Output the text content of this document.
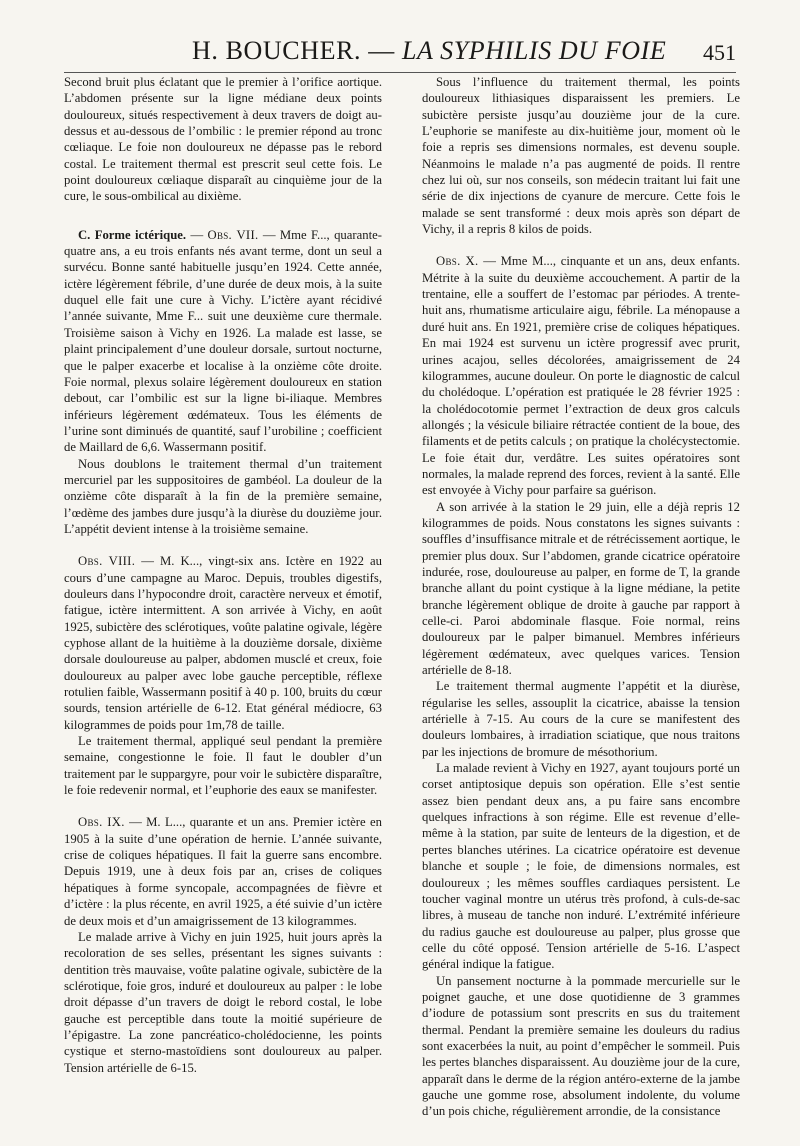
H. BOUCHER. — LA SYPHILIS DU FOIE 451

Second bruit plus éclatant que le premier à l’orifice aortique. L’abdomen présente sur la ligne médiane deux points douloureux, situés respectivement à deux travers de doigt au-dessus et au-dessous de l’ombilic : le premier répond au tronc cœliaque. Le foie non douloureux ne dépasse pas le rebord costal. Le traitement thermal est prescrit seul cette fois. Le point douloureux cœliaque disparaît au cinquième jour de la cure, le sous-ombilical au dixième.

C. Forme ictérique. — Obs. VII. — Mme F..., quarante-quatre ans, a eu trois enfants nés avant terme, dont un seul a survécu. Bonne santé habituelle jusqu’en 1924. Cette année, ictère légèrement fébrile, d’une durée de deux mois, à la suite duquel elle fait une cure à Vichy. L’ictère ayant récidivé l’année suivante, Mme F... suit une deuxième cure thermale. Troisième saison à Vichy en 1926. La malade est lasse, se plaint principalement d’une douleur dorsale, surtout nocturne, que le palper exacerbe et localise à la onzième côte droite. Foie normal, plexus solaire légèrement douloureux en station debout, car l’ombilic est sur la ligne bi-iliaque. Membres inférieurs légèrement œdémateux. Tous les éléments de l’urine sont diminués de quantité, sauf l’urobiline ; coefficient de Maillard de 6,6. Wassermann positif.

Nous doublons le traitement thermal d’un traitement mercuriel par les suppositoires de gambéol. La douleur de la onzième côte disparaît à la fin de la première semaine, l’œdème des jambes dure jusqu’à la diurèse du douzième jour. L’appétit devient intense à la troisième semaine.

Obs. VIII. — M. K..., vingt-six ans. Ictère en 1922 au cours d’une campagne au Maroc. Depuis, troubles digestifs, douleurs dans l’hypocondre droit, caractère nerveux et émotif, fatigue, ictère intermittent. A son arrivée à Vichy, en août 1925, subictère des sclérotiques, voûte palatine ogivale, légère cyphose allant de la huitième à la douzième dorsale, dixième dorsale douloureuse au palper, abdomen musclé et creux, foie douloureux au palper avec lobe gauche perceptible, réflexe rotulien faible, Wassermann positif à 40 p. 100, bruits du cœur sourds, tension artérielle de 6-12. Etat général médiocre, 63 kilogrammes de poids pour 1m,78 de taille.

Le traitement thermal, appliqué seul pendant la première semaine, congestionne le foie. Il faut le doubler d’un traitement par le suppargyre, pour voir le subictère disparaître, le foie redevenir normal, et l’euphorie des eaux se manifester.

Obs. IX. — M. L..., quarante et un ans. Premier ictère en 1905 à la suite d’une opération de hernie. L’année suivante, crise de coliques hépatiques. Il fait la guerre sans encombre. Depuis 1919, une à deux fois par an, crises de coliques hépatiques à forme syncopale, accompagnées de fièvre et d’ictère : la plus récente, en avril 1925, a été suivie d’un ictère de deux mois et d’un amaigrissement de 13 kilogrammes.

Le malade arrive à Vichy en juin 1925, huit jours après la recoloration de ses selles, présentant les signes suivants : dentition très mauvaise, voûte palatine ogivale, subictère de la sclérotique, foie gros, induré et douloureux au palper : le lobe droit dépasse d’un travers de doigt le rebord costal, le lobe gauche est perceptible dans toute la moitié supérieure de l’épigastre. La zone pancréatico-cholédocienne, les points cystique et sterno-mastoïdiens sont douloureux au palper. Tension artérielle de 6-15.

Sous l’influence du traitement thermal, les points douloureux lithiasiques disparaissent les premiers. Le subictère persiste jusqu’au douzième jour de la cure. L’euphorie se manifeste au dix-huitième jour, moment où le foie a repris ses dimensions normales, est devenu souple. Néanmoins le malade n’a pas augmenté de poids. Il rentre chez lui où, sur nos conseils, son médecin traitant lui fait une série de dix injections de cyanure de mercure. Cette fois le malade se sent transformé : deux mois après son départ de Vichy, il a repris 8 kilos de poids.

Obs. X. — Mme M..., cinquante et un ans, deux enfants. Métrite à la suite du deuxième accouchement. A partir de la trentaine, elle a souffert de l’estomac par périodes. A trente-huit ans, rhumatisme articulaire aigu, fébrile. La ménopause a duré huit ans. En 1921, première crise de coliques hépatiques. En mai 1924 est survenu un ictère progressif avec prurit, urines acajou, selles décolorées, amaigrissement de 24 kilogrammes, aucune douleur. On porte le diagnostic de calcul du cholédoque. L’opération est pratiquée le 28 février 1925 : la cholédocotomie permet l’extraction de deux gros calculs allongés ; la vésicule biliaire rétractée contient de la boue, des filaments et de petits calculs ; on pratique la cholécystectomie. Le foie était dur, verdâtre. Les suites opératoires sont normales, la malade reprend des forces, revient à la santé. Elle est envoyée à Vichy pour parfaire sa guérison.

A son arrivée à la station le 29 juin, elle a déjà repris 12 kilogrammes de poids. Nous constatons les signes suivants : souffles d’insuffisance mitrale et de rétrécissement aortique, le premier plus doux. Sur l’abdomen, grande cicatrice opératoire indurée, rose, douloureuse au palper, en forme de T, la grande branche allant du point cystique à la ligne médiane, la petite branche légèrement oblique de droite à gauche par rapport à celle-ci. Paroi abdominale flasque. Foie normal, reins douloureux par le palper bimanuel. Membres inférieurs légèrement œdémateux, avec quelques varices. Tension artérielle de 8-18.

Le traitement thermal augmente l’appétit et la diurèse, régularise les selles, assouplit la cicatrice, abaisse la tension artérielle à 7-15. Au cours de la cure se manifestent des douleurs lombaires, à irradiation sciatique, que nous traitons par les injections de bromure de mésothorium.

La malade revient à Vichy en 1927, ayant toujours porté un corset antiptosique depuis son opération. Elle s’est sentie assez bien pendant deux ans, a pu faire sans encombre quelques infractions à son régime. Elle est revenue d’elle-même à la station, par suite de lenteurs de la digestion, et de pertes blanches utérines. La cicatrice opératoire est devenue blanche et souple ; le foie, de dimensions normales, est douloureux ; les mêmes souffles cardiaques persistent. Le toucher vaginal montre un utérus très profond, à culs-de-sac libres, à museau de tanche non induré. L’extrémité inférieure du radius gauche est douloureuse au palper, plus grosse que celle du côté opposé. Tension artérielle de 5-16. L’aspect général indique la fatigue.

Un pansement nocturne à la pommade mercurielle sur le poignet gauche, et une dose quotidienne de 3 grammes d’iodure de potassium sont prescrits en sus du traitement thermal. Pendant la première semaine les douleurs du radius sont exacerbées la nuit, au point d’empêcher le sommeil. Puis les pertes blanches disparaissent. Au douzième jour de la cure, apparaît dans le derme de la région antéro-externe de la jambe gauche une gomme rose, absolument indolente, du volume d’un pois chiche, régulièrement arrondie, de la consistance
